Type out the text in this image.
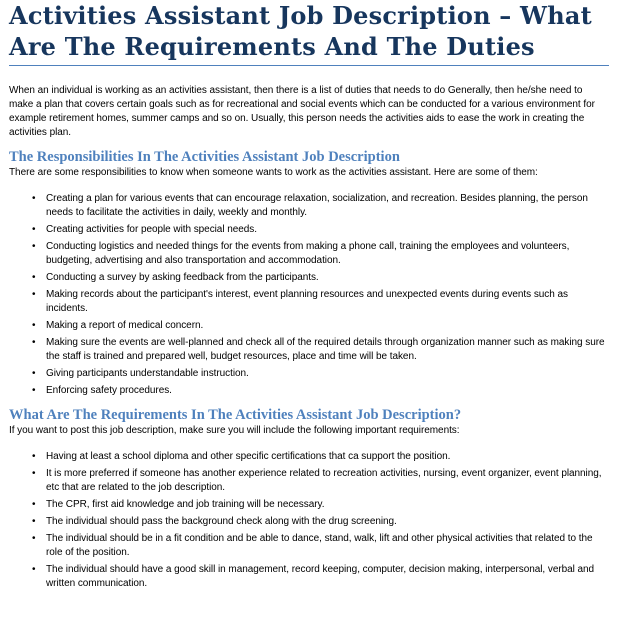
Activities Assistant Job Description – What Are The Requirements And The Duties

When an individual is working as an activities assistant, then there is a list of duties that needs to do Generally, then he/she need to make a plan that covers certain goals such as for recreational and social events which can be conducted for a various environment for example retirement homes, summer camps and so on. Usually, this person needs the activities aids to ease the work in creating the activities plan.

The Responsibilities In The Activities Assistant Job Description

There are some responsibilities to know when someone wants to work as the activities assistant. Here are some of them:

• Creating a plan for various events that can encourage relaxation, socialization, and recreation. Besides planning, the person needs to facilitate the activities in daily, weekly and monthly.
• Creating activities for people with special needs.
• Conducting logistics and needed things for the events from making a phone call, training the employees and volunteers, budgeting, advertising and also transportation and accommodation.
• Conducting a survey by asking feedback from the participants.
• Making records about the participant's interest, event planning resources and unexpected events during events such as incidents.
• Making a report of medical concern.
• Making sure the events are well-planned and check all of the required details through organization manner such as making sure the staff is trained and prepared well, budget resources, place and time will be taken.
• Giving participants understandable instruction.
• Enforcing safety procedures.
What Are The Requirements In The Activities Assistant Job Description?

If you want to post this job description, make sure you will include the following important requirements:

• Having at least a school diploma and other specific certifications that ca support the position.
• It is more preferred if someone has another experience related to recreation activities, nursing, event organizer, event planning, etc that are related to the job description.
• The CPR, first aid knowledge and job training will be necessary.
• The individual should pass the background check along with the drug screening.
• The individual should be in a fit condition and be able to dance, stand, walk, lift and other physical activities that related to the role of the position.
• The individual should have a good skill in management, record keeping, computer, decision making, interpersonal, verbal and written communication.
